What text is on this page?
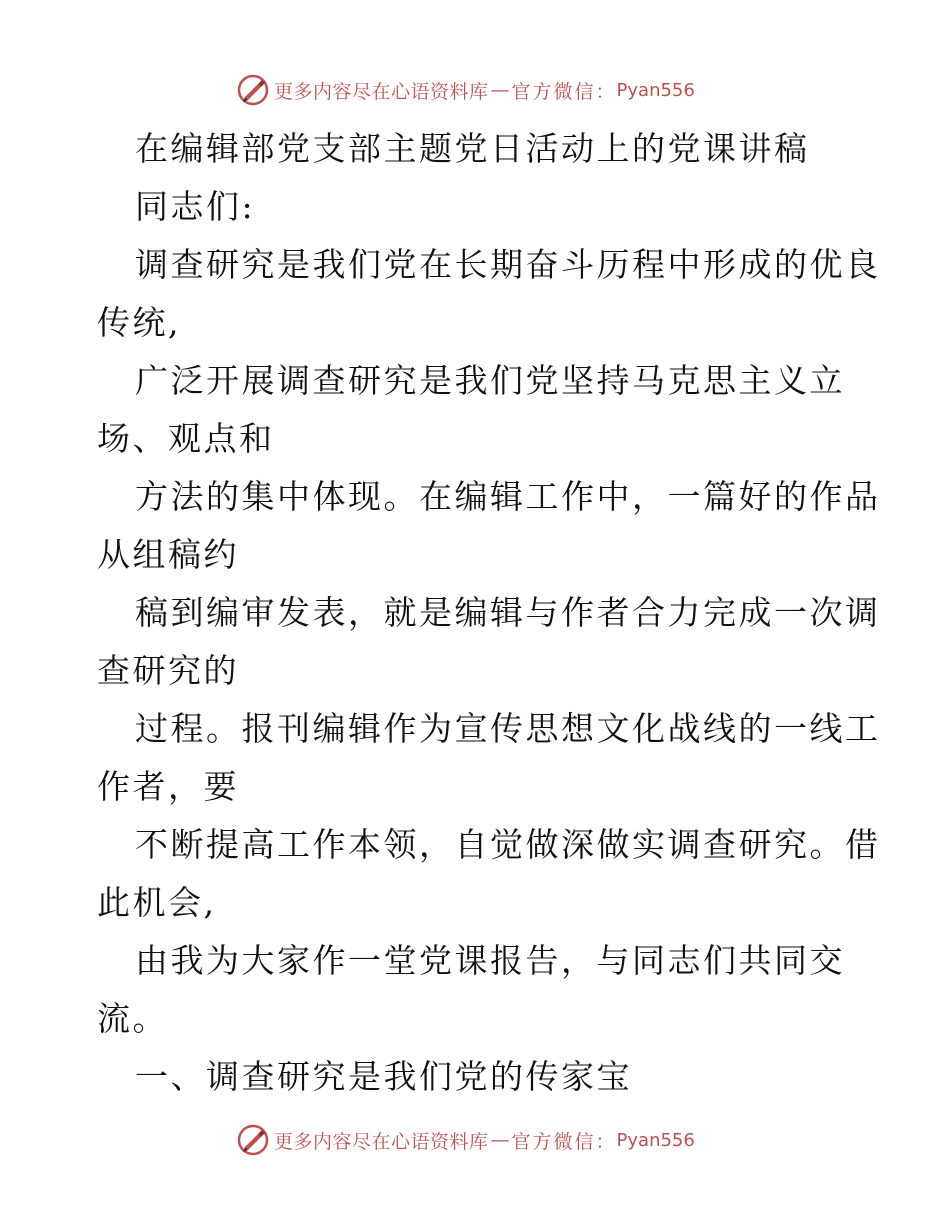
更多内容尽在心语资料库 — 官方微信： Pyan556
在编辑部党支部主题党日活动上的党课讲稿
同志们:
调查研究是我们党在长期奋斗历程中形成的优良
传统,
广泛开展调查研究是我们党坚持马克思主义立
场、观点和
方法的集中体现。在编辑工作中，一篇好的作品
从组稿约
稿到编审发表，就是编辑与作者合力完成一次调
查研究的
过程。报刊编辑作为宣传思想文化战线的一线工
作者，要
不断提高工作本领，自觉做深做实调查研究。借
此机会,
由我为大家作一堂党课报告，与同志们共同交
流。
一、调查研究是我们党的传家宝
更多内容尽在心语资料库 — 官方微信： Pyan556
